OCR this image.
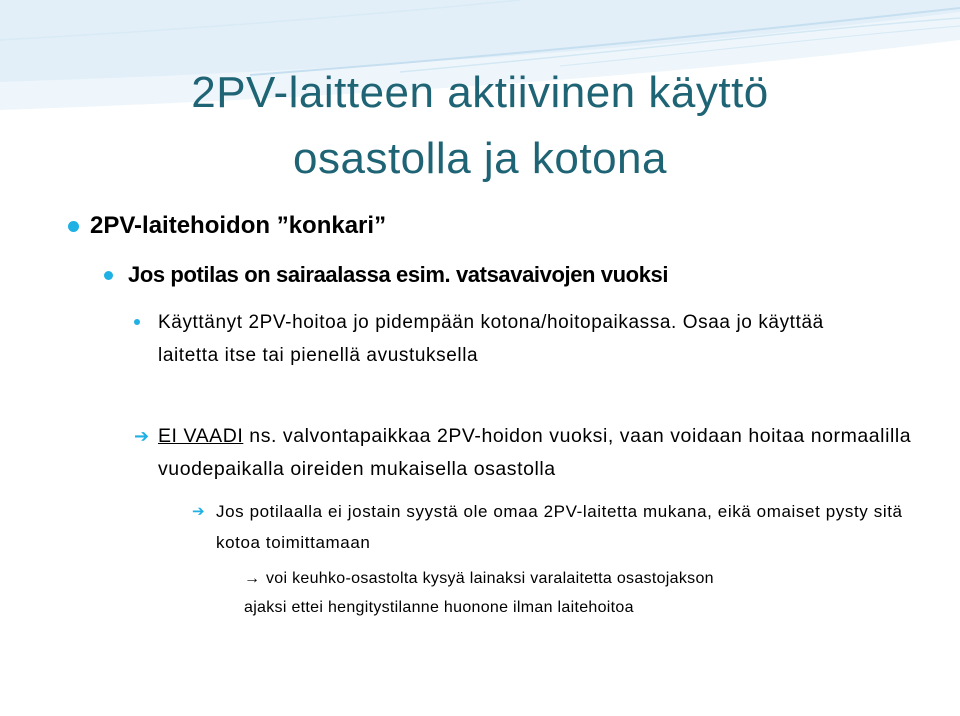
2PV-laitteen aktiivinen käyttö
osastolla ja kotona
2PV-laitehoidon ”konkari”
Jos potilas on sairaalassa esim. vatsavaivojen vuoksi
Käyttänyt 2PV-hoitoa jo pidempään kotona/hoitopaikassa. Osaa jo käyttää laitetta itse tai pienellä avustuksella
➔ EI VAADI ns. valvontapaikkaa 2PV-hoidon vuoksi, vaan voidaan hoitaa normaalilla vuodepaikalla oireiden mukaisella osastolla
➔ Jos potilaalla ei jostain syystä ole omaa 2PV-laitetta mukana, eikä omaiset pysty sitä kotoa toimittamaan
→ voi keuhko-osastolta kysyä lainaksi varalaitetta osastojakson
ajaksi ettei hengitystilanne huonone ilman laitehoitoa
